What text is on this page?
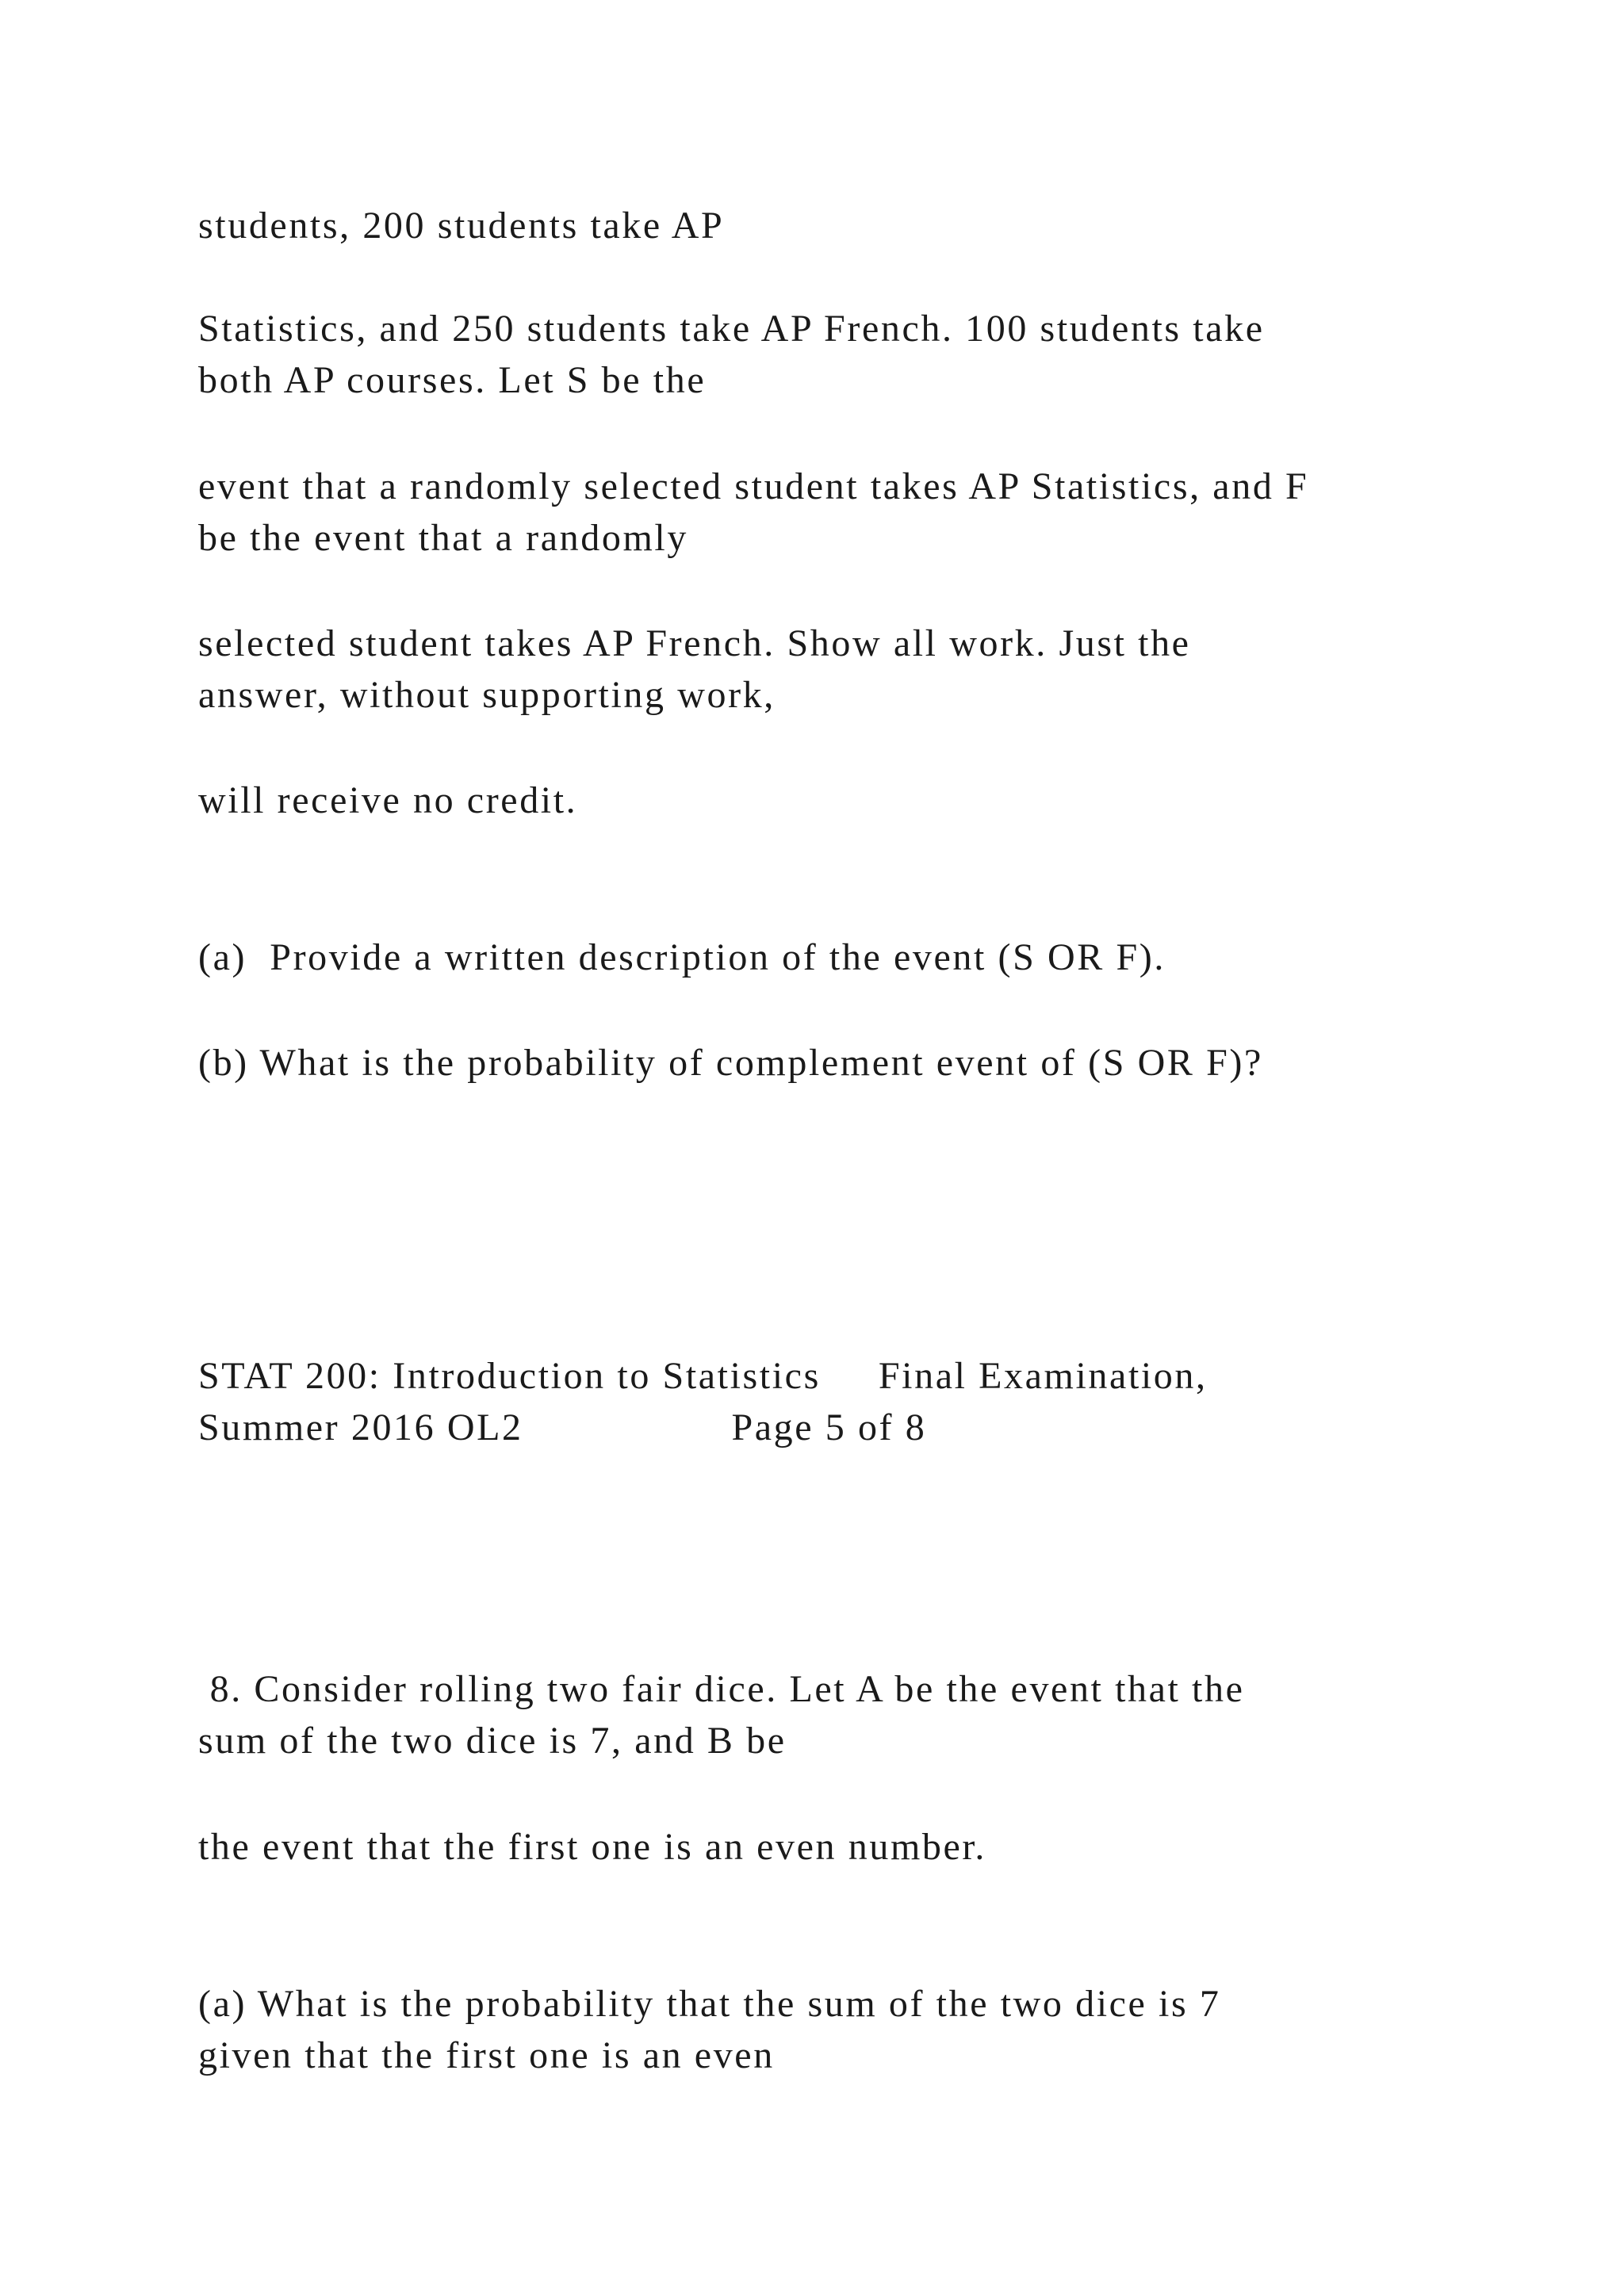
students, 200 students take AP

Statistics, and 250 students take AP French. 100 students take

both AP courses. Let S be the

event that a randomly selected student takes AP Statistics, and F

be the event that a randomly

selected student takes AP French. Show all work. Just the

answer, without supporting work,

will receive no credit.

(a)  Provide a written description of the event (S OR F).

(b) What is the probability of complement event of (S OR F)?

STAT 200: Introduction to Statistics     Final Examination,

Summer 2016 OL2                  Page 5 of 8

8. Consider rolling two fair dice. Let A be the event that the

sum of the two dice is 7, and B be

the event that the first one is an even number.

(a) What is the probability that the sum of the two dice is 7

given that the first one is an even
